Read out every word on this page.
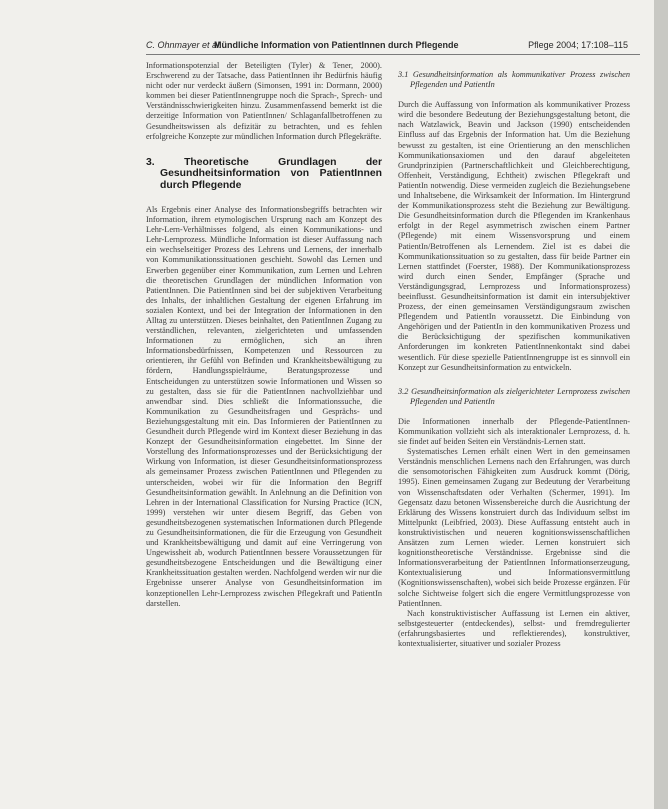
C. Ohnmayer et al.
Mündliche Information von PatientInnen durch Pflegende	Pflege 2004; 17:108–115

Informationspotenzial der Beteiligten (Tyler) & Tener, 2000). Erschwerend zu der Tatsache, dass PatientInnen ihr Bedürfnis häufig nicht oder nur verdeckt äußern (Simonsen, 1991 in: Dormann, 2000) kommen bei dieser PatientInnengruppe noch die Sprach-, Sprech- und Verständnisschwierigkeiten hinzu. Zusammenfassend bemerkt ist die derzeitige Information von PatientInnen/ Schlaganfallbetroffenen zu Gesundheitswissen als defizitär zu betrachten, und es fehlen erfolgreiche Konzepte zur mündlichen Information durch Pflegekräfte.

3.	Theoretische Grundlagen der Gesundheitsinformation von PatientInnen durch Pflegende

Als Ergebnis einer Analyse des Informationsbegriffs betrachten wir Information, ihrem etymologischen Ursprung nach am Konzept des Lehr-Lern-Verhältnisses folgend, als einen Kommunikations- und Lehr-Lernprozess. Mündliche Information ist dieser Auffassung nach ein wechselseitiger Prozess des Lehrens und Lernens, der innerhalb von Kommunikationssituationen geschieht. Sowohl das Lernen und Erwerben gegenüber einer Kommunikation, zum Lernen und Lehren die theoretischen Grundlagen der mündlichen Information von PatientInnen. Die PatientInnen sind bei der subjektiven Verarbeitung des Inhalts, der inhaltlichen Gestaltung der eigenen Erfahrung im sozialen Kontext, und bei der Integration der Informationen in den Alltag zu unterstützen. Dieses beinhaltet, den PatientInnen Zugang zu verständlichen, relevanten, zielgerichteten und umfassenden Informationen zu ermöglichen, sich an ihren Informationsbedürfnissen, Kompetenzen und Ressourcen zu orientieren, ihr Gefühl von Befinden und Krankheitsbewältigung zu fördern, Handlungsspielräume, Beratungsprozesse und Entscheidungen zu unterstützen sowie Informationen und Wissen so zu gestalten, dass sie für die PatientInnen nachvollziehbar und anwendbar sind. Dies schließt die Informationssuche, die Kommunikation zu Gesundheitsfragen und Gesprächs- und Beziehungsgestaltung mit ein. Das Informieren der PatientInnen zu Gesundheit durch Pflegende wird im Kontext dieser Beziehung in das Konzept der Gesundheitsinformation eingebettet. Im Sinne der Vorstellung des Informationsprozesses und der Berücksichtigung der Wirkung von Information, ist dieser Gesundheitsinformationsprozess als gemeinsamer Prozess zwischen PatientInnen und Pflegenden zu unterscheiden, wobei wir für die Information den Begriff Gesundheitsinformation gewählt. In Anlehnung an die Definition von Lehren in der International Classification for Nursing Practice (ICN, 1999) verstehen wir unter diesem Begriff, das Geben von gesundheitsbezogenen systematischen Informationen durch Pflegende zu Gesundheitsinformationen, die für die Erzeugung von Gesundheit und Krankheitsbewältigung und damit auf eine Verringerung von Ungewissheit ab, wodurch PatientInnen bessere Voraussetzungen für gesundheitsbezogene Entscheidungen und die Bewältigung einer Krankheitssituation gestalten werden. Nachfolgend werden wir nur die Ergebnisse unserer Analyse von Gesundheitsinformation im konzeptionellen Lehr-Lernprozess zwischen Pflegekraft und PatientIn darstellen.

3.1 Gesundheitsinformation als kommunikativer Prozess zwischen Pflegenden und PatientIn

Durch die Auffassung von Information als kommunikativer Prozess wird die besondere Bedeutung der Beziehungsgestaltung betont, die nach Watzlawick, Beavin und Jackson (1990) entscheidenden Einfluss auf das Ergebnis der Information hat. Um die Beziehung bewusst zu gestalten, ist eine Orientierung an den menschlichen Kommunikationsaxiomen und den darauf abgeleiteten Grundprinzipien (Partnerschaftlichkeit und Gleichberechtigung, Offenheit, Verständigung, Echtheit) zwischen Pflegekraft und PatientIn notwendig. Diese vermeiden zugleich die Beziehungsebene und Inhaltsebene, die Wirksamkeit der Information. Im Hintergrund der Kommunikationsprozess steht die Beziehung zur Bewältigung. Die Gesundheitsinformation durch die Pflegenden im Krankenhaus erfolgt in der Regel asymmetrisch zwischen einem Partner (Pflegende) mit einem Wissensvorsprung und einem PatientIn/Betroffenen als Lernendem. Ziel ist es dabei die Kommunikationssituation so zu gestalten, dass für beide Partner ein Lernen stattfindet (Foerster, 1988). Der Kommunikationsprozess wird durch einen Sender, Empfänger (Sprache und Verständigungsgrad, Lernprozess und Informationsprozess) beeinflusst. Gesundheitsinformation ist damit ein intersubjektiver Prozess, der einen gemeinsamen Verständigungsraum zwischen Pflegendem und PatientIn voraussetzt. Die Einbindung von Angehörigen und der PatientIn in den kommunikativen Prozess und die Berücksichtigung der spezifischen kommunikativen Anforderungen im konkreten PatientInnenkontakt sind dabei wesentlich. Für diese spezielle PatientInnengruppe ist es sinnvoll ein Konzept zur Gesundheitsinformation zu entwickeln.

3.2 Gesundheitsinformation als zielgerichteter Lernprozess zwischen Pflegenden und PatientIn

Die Informationen innerhalb der Pflegende-PatientInnen-Kommunikation vollzieht sich als interaktionaler Lernprozess, d. h. sie findet auf beiden Seiten ein Verständnis-Lernen statt.

Systematisches Lernen erhält einen Wert in den gemeinsamen Verständnis menschlichen Lernens nach den Erfahrungen, was durch die sensomotorischen Fähigkeiten zum Ausdruck kommt (Dörig, 1995). Einen gemeinsamen Zugang zur Bedeutung der Verarbeitung von Wissenschaftsdaten oder Verhalten (Schermer, 1991). Im Gegensatz dazu betonen Wissensbereiche durch die Ausrichtung der Erklärung des Wissens konstruiert durch das Individuum selbst im Mittelpunkt (Leibfried, 2003). Diese Auffassung entsteht auch in konstruktivistischen und neueren kognitionswissenschaftlichen Ansätzen zum Lernen wieder. Lernen konstruiert sich kognitionstheoretische Verständnisse. Ergebnisse sind die Informationsverarbeitung der PatientInnen Informationserzeugung, Kontextualisierung und Informationsvermittlung (Kognitionswissenschaften), wobei sich beide Prozesse ergänzen. Für solche Sichtweise folgert sich die engere Vermittlungsprozesse von PatientInnen.

Nach konstruktivistischer Auffassung ist Lernen ein aktiver, selbstgesteuerter (entdeckendes), selbst- und fremdregulierter (erfahrungsbasiertes und reflektierendes), konstruktiver, kontextualisierter, situativer und sozialer Prozess
